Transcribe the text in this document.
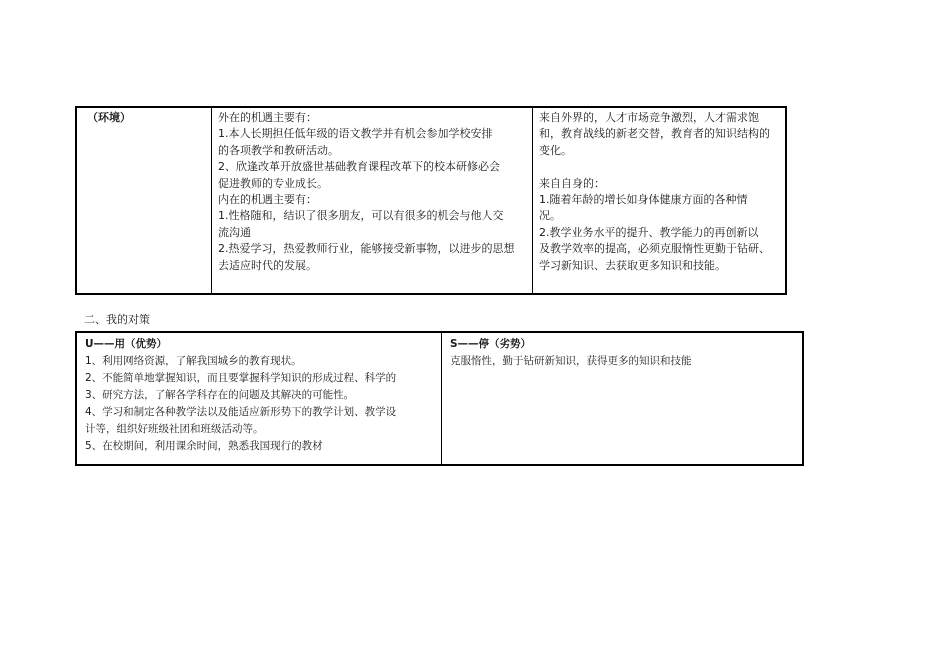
（环境）	外在的机遇主要有：
1.本人长期担任低年级的语文教学并有机会参加学校安排
的各项教学和教研活动。
2、欣逢改革开放盛世基础教育课程改革下的校本研修必会
促进教师的专业成长。
内在的机遇主要有：
1.性格随和，结识了很多朋友，可以有很多的机会与他人交
流沟通
2.热爱学习，热爱教师行业，能够接受新事物，以进步的思想
去适应时代的发展。
来自外界的，人才市场竞争激烈，人才需求饱
和，教育战线的新老交替，教育者的知识结构的
变化。
来自自身的：
1.随着年龄的增长如身体健康方面的各种情
况。
2.教学业务水平的提升、教学能力的再创新以
及教学效率的提高，必须克服惰性更勤于钻研、
学习新知识、去获取更多知识和技能。
二、我的对策
U——用（优势）
1、利用网络资源，了解我国城乡的教育现状。
2、不能简单地掌握知识，而且要掌握科学知识的形成过程、科学的
3、研究方法，了解各学科存在的问题及其解决的可能性。
4、学习和制定各种教学法以及能适应新形势下的教学计划、教学设
计等，组织好班级社团和班级活动等。
5、在校期间，利用课余时间，熟悉我国现行的教材
S——停（劣势）
克服惰性，勤于钻研新知识，获得更多的知识和技能
